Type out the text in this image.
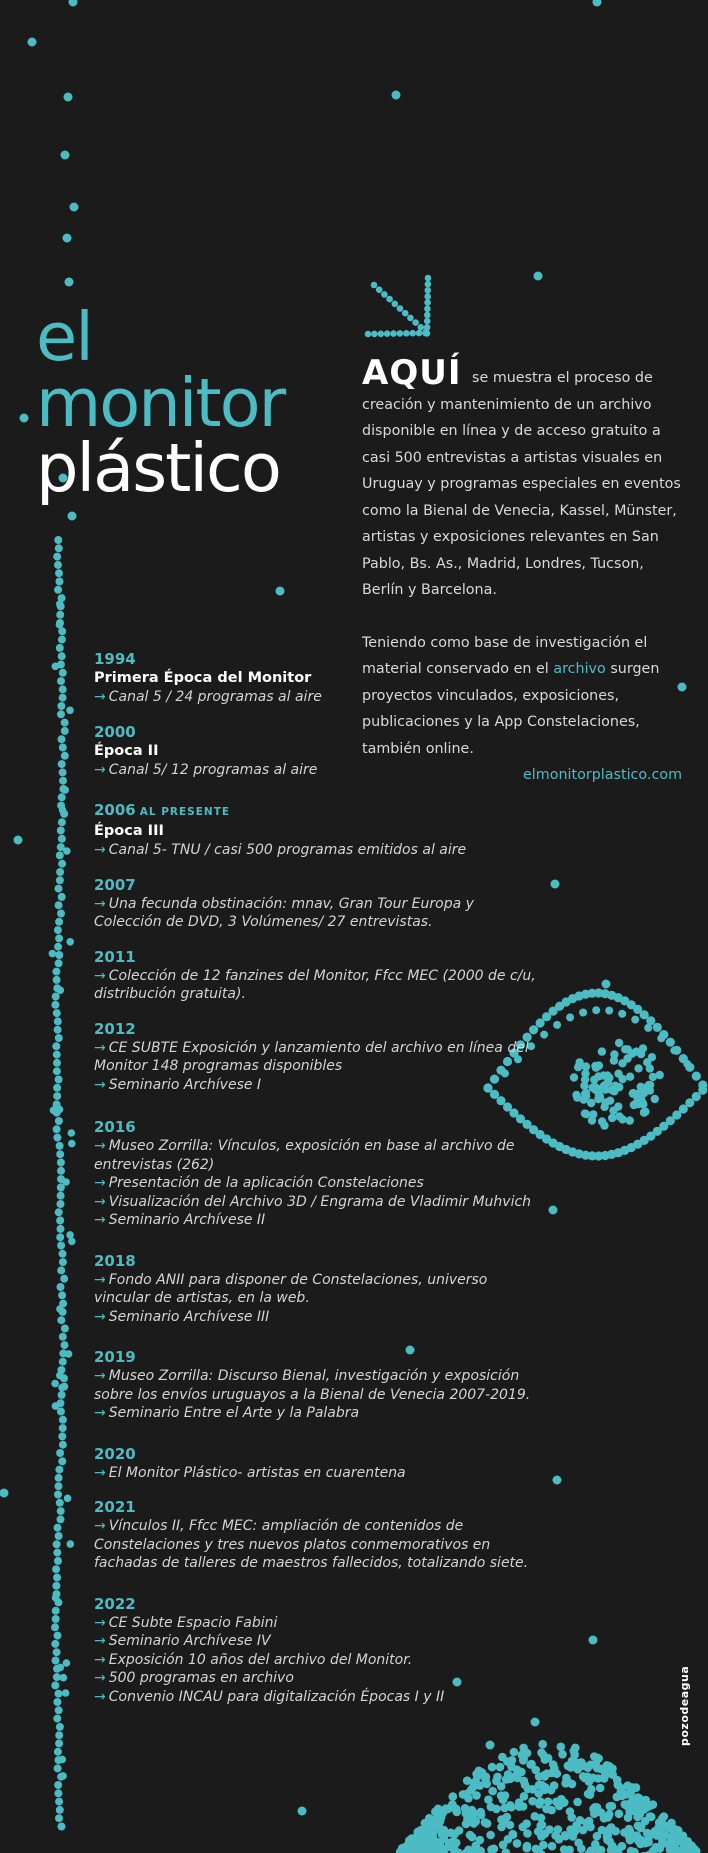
el
monitor
plástico

AQUÍ se muestra el proceso de creación y mantenimiento de un archivo disponible en línea y de acceso gratuito a casi 500 entrevistas a artistas visuales en Uruguay y programas especiales en eventos como la Bienal de Venecia, Kassel, Münster, artistas y exposiciones relevantes en San Pablo, Bs. As., Madrid, Londres, Tucson, Berlín y Barcelona.

Teniendo como base de investigación el material conservado en el archivo surgen proyectos vinculados, exposiciones, publicaciones y la App Constelaciones, también online.

elmonitorplastico.com
1994
Primera Época del Monitor
→ Canal 5 / 24 programas al aire
2000
Época II
→ Canal 5/ 12 programas al aire
2006 AL PRESENTE
Época III
→ Canal 5- TNU / casi 500 programas emitidos al aire
2007
→ Una fecunda obstinación: mnav, Gran Tour Europa y Colección de DVD, 3 Volúmenes/ 27 entrevistas.
2011
→ Colección de 12 fanzines del Monitor, Ffcc MEC (2000 de c/u, distribución gratuita).
2012
→ CE SUBTE Exposición y lanzamiento del archivo en línea del Monitor 148 programas disponibles
→ Seminario Archívese I
2016
→ Museo Zorrilla: Vínculos, exposición en base al archivo de entrevistas (262)
→ Presentación de la aplicación Constelaciones
→ Visualización del Archivo 3D / Engrama de Vladimir Muhvich
→ Seminario Archívese II
2018
→ Fondo ANII para disponer de Constelaciones, universo vincular de artistas, en la web.
→ Seminario Archívese III
2019
→ Museo Zorrilla: Discurso Bienal, investigación y exposición sobre los envíos uruguayos a la Bienal de Venecia 2007-2019.
→ Seminario Entre el Arte y la Palabra
2020
→ El Monitor Plástico- artistas en cuarentena
2021
→ Vínculos II, Ffcc MEC: ampliación de contenidos de Constelaciones y tres nuevos platos conmemorativos en fachadas de talleres de maestros fallecidos, totalizando siete.
2022
→ CE Subte Espacio Fabini
→ Seminario Archívese IV
→ Exposición 10 años del archivo del Monitor.
→ 500 programas en archivo
→ Convenio INCAU para digitalización Épocas I y II	pozodeagua
